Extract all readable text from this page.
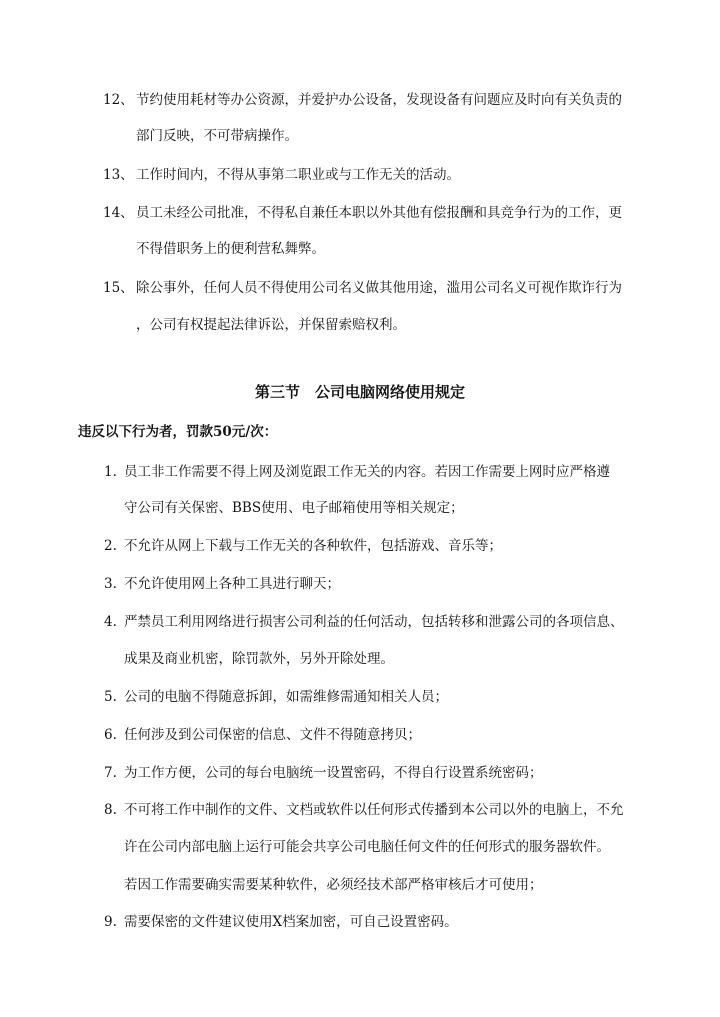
12、 节约使用耗材等办公资源，并爱护办公设备，发现设备有问题应及时向有关负责的
部门反映，不可带病操作。
13、 工作时间内，不得从事第二职业或与工作无关的活动。
14、 员工未经公司批准，不得私自兼任本职以外其他有偿报酬和具竞争行为的工作，更
不得借职务上的便利营私舞弊。
15、 除公事外，任何人员不得使用公司名义做其他用途，滥用公司名义可视作欺诈行为
，公司有权提起法律诉讼，并保留索赔权利。
第三节　公司电脑网络使用规定
违反以下行为者，罚款50元/次：
1. 员工非工作需要不得上网及浏览跟工作无关的内容。若因工作需要上网时应严格遵
守公司有关保密、BBS使用、电子邮箱使用等相关规定；
2. 不允许从网上下载与工作无关的各种软件，包括游戏、音乐等；
3. 不允许使用网上各种工具进行聊天；
4. 严禁员工利用网络进行损害公司利益的任何活动，包括转移和泄露公司的各项信息、
成果及商业机密，除罚款外，另外开除处理。
5. 公司的电脑不得随意拆卸，如需维修需通知相关人员；
6. 任何涉及到公司保密的信息、文件不得随意拷贝；
7. 为工作方便，公司的每台电脑统一设置密码，不得自行设置系统密码；
8. 不可将工作中制作的文件、文档或软件以任何形式传播到本公司以外的电脑上，不允
许在公司内部电脑上运行可能会共享公司电脑任何文件的任何形式的服务器软件。
若因工作需要确实需要某种软件，必须经技术部严格审核后才可使用；
9. 需要保密的文件建议使用X档案加密，可自己设置密码。
